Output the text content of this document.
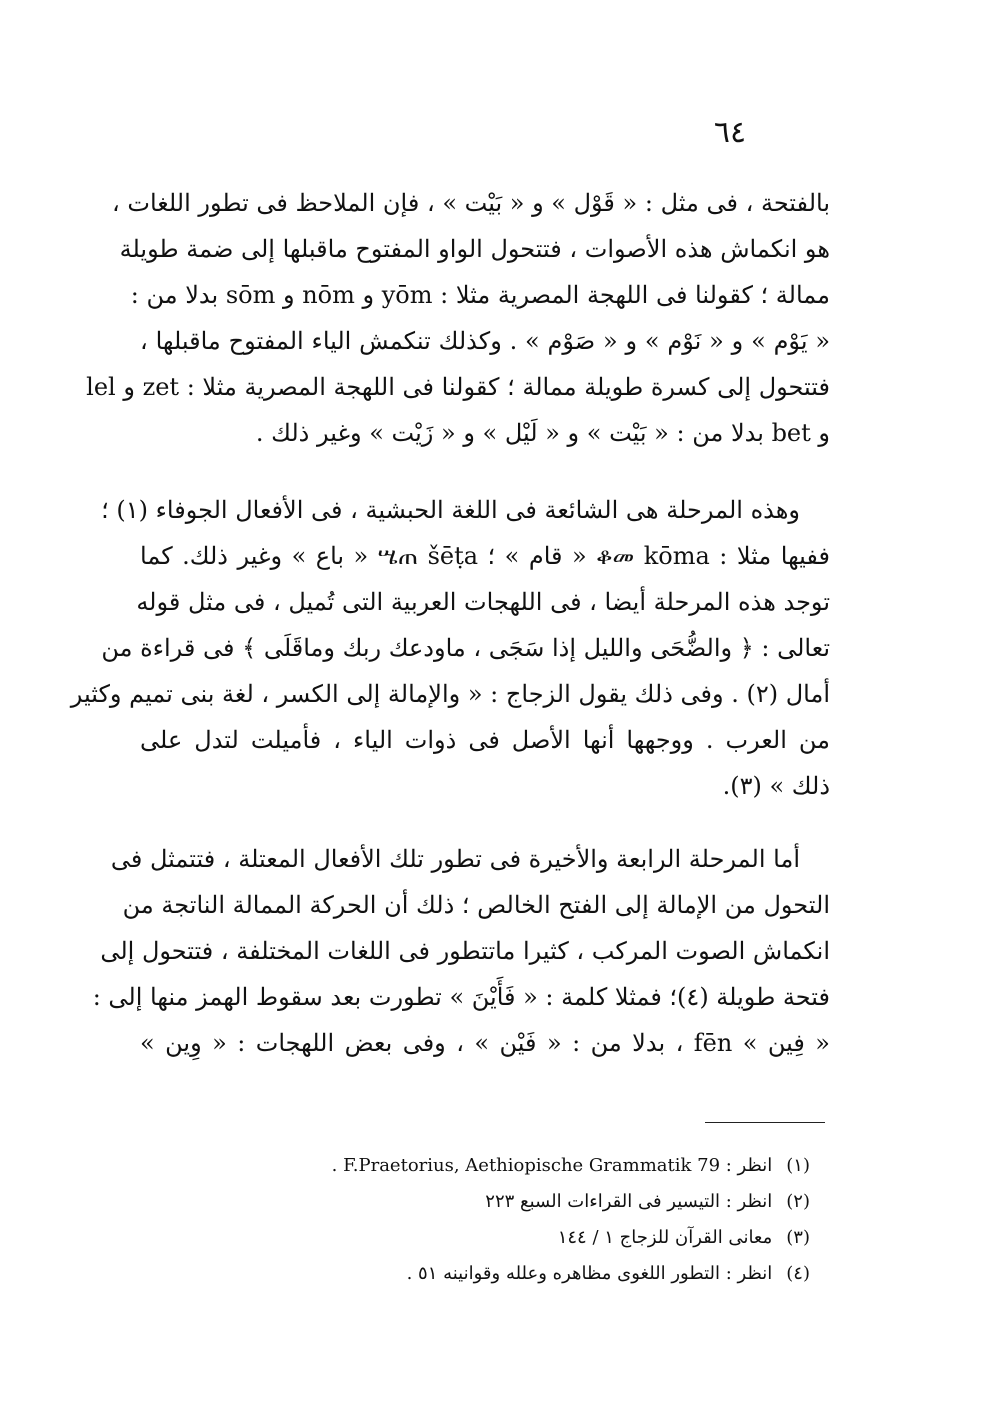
٦٤
بالفتحة ، فى مثل : « قَوْل » و « بَيْت » ، فإن الملاحظ فى تطور اللغات ،
هو انكماش هذه الأصوات ، فتتحول الواو المفتوح ماقبلها إلى ضمة طويلة
ممالة ؛ كقولنا فى اللهجة المصرية مثلا : yōm و nōm و sōm بدلا من :
« يَوْم » و « نَوْم » و « صَوْم » . وكذلك تنكمش الياء المفتوح ماقبلها ،
فتتحول إلى كسرة طويلة ممالة ؛ كقولنا فى اللهجة المصرية مثلا : zet و lel
و bet بدلا من : « بَيْت » و « لَيْل » و « زَيْت » وغير ذلك .
وهذه المرحلة هى الشائعة فى اللغة الحبشية ، فى الأفعال الجوفاء (١) ؛
ففيها مثلا : ቆመ kōma « قام » ؛ ሤጠ šēṭa « باع » وغير ذلك. كما
توجد هذه المرحلة أيضا ، فى اللهجات العربية التى تُميل ، فى مثل قوله
تعالى : ﴿ والضُّحَى والليل إذا سَجَى ، ماودعك ربك وماقَلَى ﴾ فى قراءة من
أمال (٢) . وفى ذلك يقول الزجاج : « والإمالة إلى الكسر ، لغة بنى تميم وكثير
من العرب . ووجهها أنها الأصل فى ذوات الياء ، فأميلت لتدل على
ذلك » (٣).
أما المرحلة الرابعة والأخيرة فى تطور تلك الأفعال المعتلة ، فتتمثل فى
التحول من الإمالة إلى الفتح الخالص ؛ ذلك أن الحركة الممالة الناتجة من
انكماش الصوت المركب ، كثيرا ماتتطور فى اللغات المختلفة ، فتتحول إلى
فتحة طويلة (٤)؛ فمثلا كلمة : « فَأَيْنَ » تطورت بعد سقوط الهمز منها إلى :
« فِين » fēn ، بدلا من : « فَيْن » ، وفى بعض اللهجات : « وِين »
(١)انظر : F.Praetorius, Aethiopische Grammatik 79 .
(٢)انظر : التيسير فى القراءات السبع ٢٢٣
(٣)معانى القرآن للزجاج ١ / ١٤٤
(٤)انظر : التطور اللغوى مظاهره وعلله وقوانينه ٥١ .
